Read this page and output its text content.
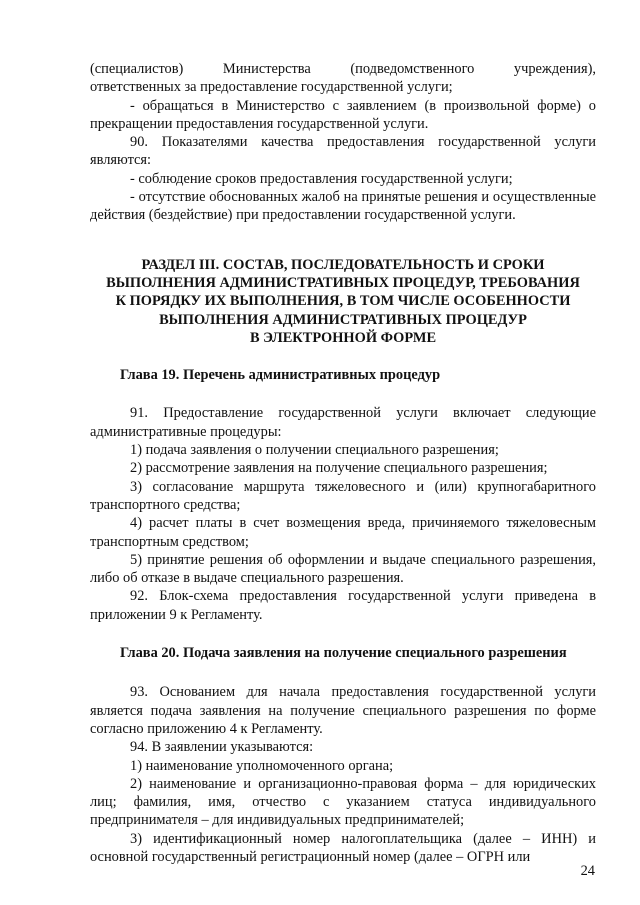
(специалистов)           Министерства           (подведомственного           учреждения),

ответственных за предоставление государственной услуги;

- обращаться в Министерство с заявлением (в произвольной форме) о прекращении предоставления государственной услуги.

90. Показателями качества предоставления государственной услуги являются:

- соблюдение сроков предоставления государственной услуги;

- отсутствие обоснованных жалоб на принятые решения и осуществленные действия (бездействие) при предоставлении государственной услуги.

РАЗДЕЛ III. СОСТАВ, ПОСЛЕДОВАТЕЛЬНОСТЬ И СРОКИ
ВЫПОЛНЕНИЯ АДМИНИСТРАТИВНЫХ ПРОЦЕДУР, ТРЕБОВАНИЯ
К ПОРЯДКУ ИХ ВЫПОЛНЕНИЯ, В ТОМ ЧИСЛЕ ОСОБЕННОСТИ
ВЫПОЛНЕНИЯ АДМИНИСТРАТИВНЫХ ПРОЦЕДУР
В ЭЛЕКТРОННОЙ ФОРМЕ

Глава 19. Перечень административных процедур

91. Предоставление государственной услуги включает следующие административные процедуры:

1) подача заявления о получении специального разрешения;

2) рассмотрение заявления на получение специального разрешения;

3) согласование маршрута тяжеловесного и (или) крупногабаритного транспортного средства;

4) расчет платы в счет возмещения вреда, причиняемого тяжеловесным транспортным средством;

5) принятие решения об оформлении и выдаче специального разрешения, либо об отказе в выдаче специального разрешения.

92. Блок-схема предоставления государственной услуги приведена в приложении 9 к Регламенту.

Глава 20. Подача заявления на получение специального разрешения

93. Основанием для начала предоставления государственной услуги является подача заявления на получение специального разрешения по форме согласно приложению 4 к Регламенту.

94. В заявлении указываются:

1) наименование уполномоченного органа;

2) наименование и организационно-правовая форма – для юридических лиц; фамилия, имя, отчество с указанием статуса индивидуального предпринимателя – для индивидуальных предпринимателей;

3) идентификационный номер налогоплательщика (далее – ИНН) и основной государственный регистрационный номер (далее – ОГРН или

24
